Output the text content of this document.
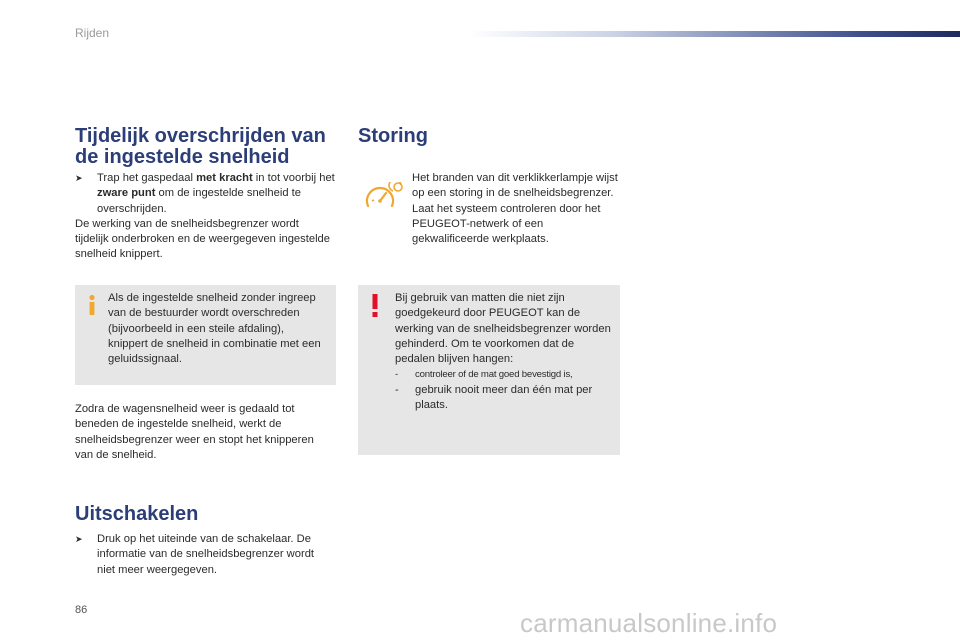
Rijden
Tijdelijk overschrijden van de ingestelde snelheid
➤	Trap het gaspedaal met kracht in tot voorbij het zware punt om de ingestelde snelheid te overschrijden.
De werking van de snelheidsbegrenzer wordt tijdelijk onderbroken en de weergegeven ingestelde snelheid knippert.
Als de ingestelde snelheid zonder ingreep van de bestuurder wordt overschreden (bijvoorbeeld in een steile afdaling), knippert de snelheid in combinatie met een geluidssignaal.
Zodra de wagensnelheid weer is gedaald tot beneden de ingestelde snelheid, werkt de snelheidsbegrenzer weer en stopt het knipperen van de snelheid.
Uitschakelen
➤	Druk op het uiteinde van de schakelaar. De informatie van de snelheidsbegrenzer wordt niet meer weergegeven.
Storing
Het branden van dit verklikkerlampje wijst op een storing in de snelheidsbegrenzer. Laat het systeem controleren door het PEUGEOT-netwerk of een gekwalificeerde werkplaats.
Bij gebruik van matten die niet zijn goedgekeurd door PEUGEOT kan de werking van de snelheidsbegrenzer worden gehinderd. Om te voorkomen dat de pedalen blijven hangen:
-	controleer of de mat goed bevestigd is,
-	gebruik nooit meer dan één mat per plaats.
86	carmanualsonline.info
